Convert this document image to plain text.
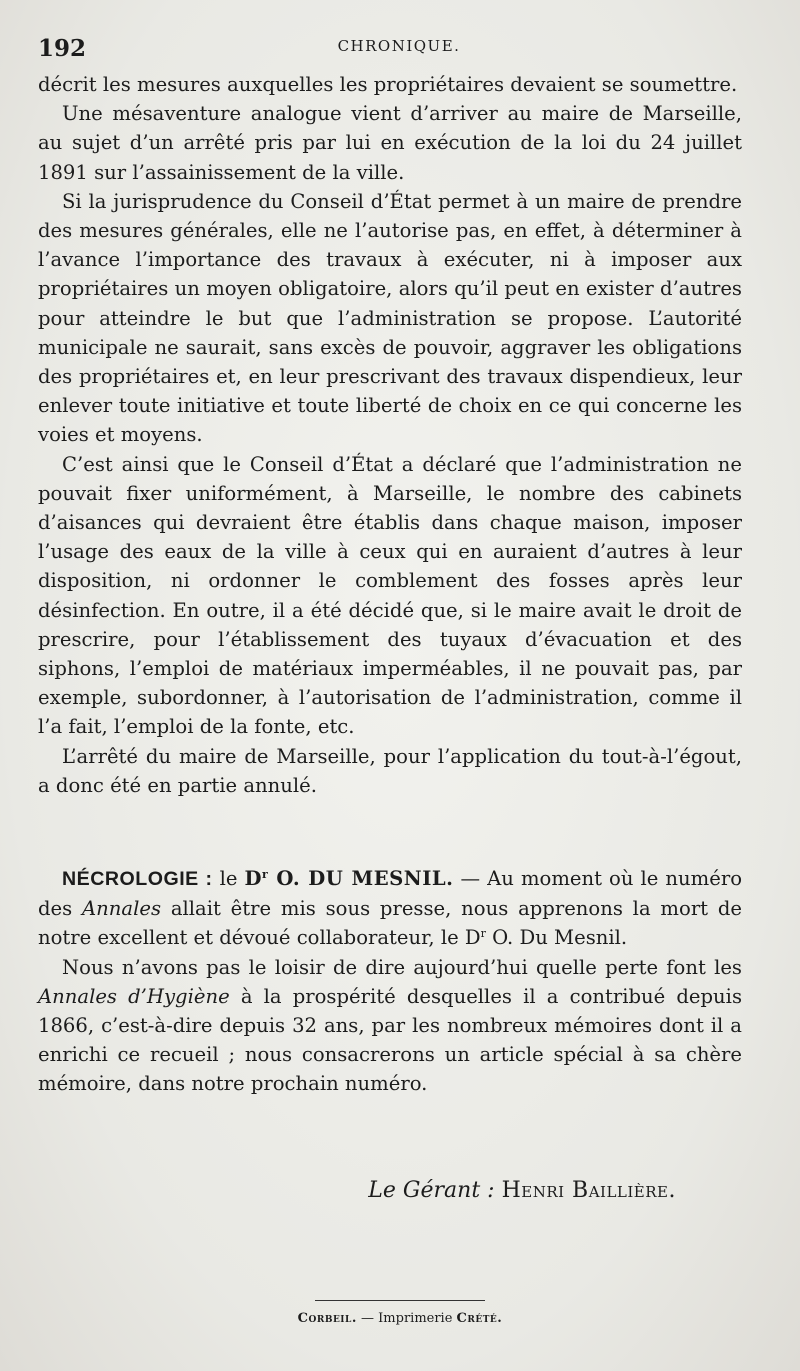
192	CHRONIQUE.

décrit les mesures auxquelles les propriétaires devaient se soumettre.

Une mésaventure analogue vient d’arriver au maire de Marseille, au sujet d’un arrêté pris par lui en exécution de la loi du 24 juillet 1891 sur l’assainissement de la ville.

Si la jurisprudence du Conseil d’État permet à un maire de prendre des mesures générales, elle ne l’autorise pas, en effet, à déterminer à l’avance l’importance des travaux à exécuter, ni à imposer aux propriétaires un moyen obligatoire, alors qu’il peut en exister d’autres pour atteindre le but que l’administration se propose. L’autorité municipale ne saurait, sans excès de pouvoir, aggraver les obligations des propriétaires et, en leur prescrivant des travaux dispendieux, leur enlever toute initiative et toute liberté de choix en ce qui concerne les voies et moyens.

C’est ainsi que le Conseil d’État a déclaré que l’administration ne pouvait fixer uniformément, à Marseille, le nombre des cabinets d’aisances qui devraient être établis dans chaque maison, imposer l’usage des eaux de la ville à ceux qui en auraient d’autres à leur disposition, ni ordonner le comblement des fosses après leur désinfection. En outre, il a été décidé que, si le maire avait le droit de prescrire, pour l’établissement des tuyaux d’évacuation et des siphons, l’emploi de matériaux imperméables, il ne pouvait pas, par exemple, subordonner, à l’autorisation de l’administration, comme il l’a fait, l’emploi de la fonte, etc.

L’arrêté du maire de Marseille, pour l’application du tout-à-l’égout, a donc été en partie annulé.

NÉCROLOGIE : le $D^r$ O. DU MESNIL. — Au moment où le numéro des Annales allait être mis sous presse, nous apprenons la mort de notre excellent et dévoué collaborateur, le $D^r$ O. Du Mesnil.

Nous n’avons pas le loisir de dire aujourd’hui quelle perte font les Annales d’Hygiène à la prospérité desquelles il a contribué depuis 1866, c’est-à-dire depuis 32 ans, par les nombreux mémoires dont il a enrichi ce recueil ; nous consacrerons un article spécial à sa chère mémoire, dans notre prochain numéro.

Le Gérant : Henri Baillière.
Corbeil. — Imprimerie Crété.
